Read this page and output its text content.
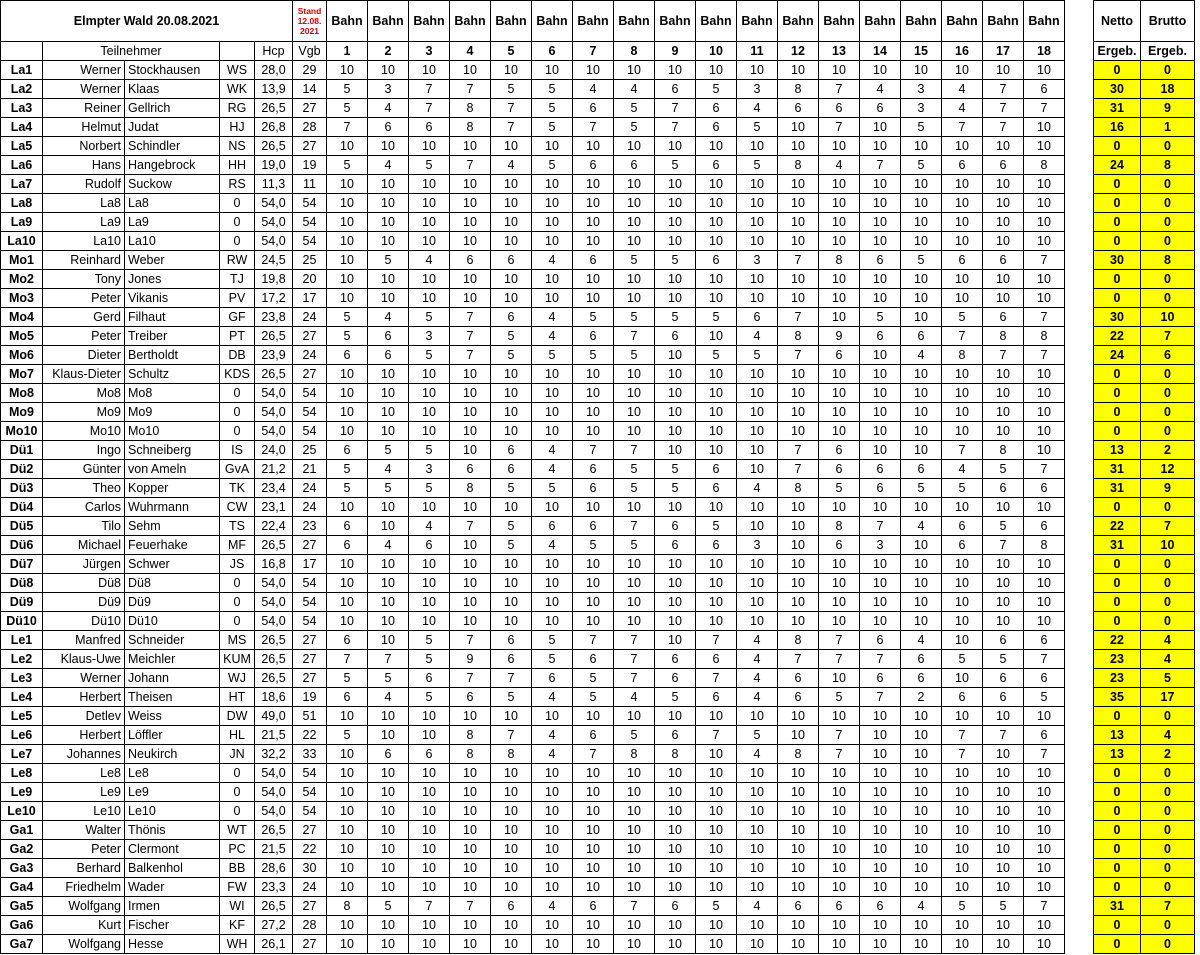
Elmpter Wald 20.08.2021					Stand 12.08. 2021	Bahn	Bahn	Bahn	Bahn	Bahn	Bahn	Bahn	Bahn	Bahn	Bahn	Bahn	Bahn	Bahn	Bahn	Bahn	Bahn	Bahn	Bahn		Netto	Brutto
	Teilnehmer			Hcp	Vgb	1	2	3	4	5	6	7	8	9	10	11	12	13	14	15	16	17	18		Ergeb.	Ergeb.
La1	Werner	Stockhausen	WS	28,0	29	10	10	10	10	10	10	10	10	10	10	10	10	10	10	10	10	10	10		0	0
La2	Werner	Klaas	WK	13,9	14	5	3	7	7	5	5	4	4	6	5	3	8	7	4	3	4	7	6		30	18
La3	Reiner	Gellrich	RG	26,5	27	5	4	7	8	7	5	6	5	7	6	4	6	6	6	3	4	7	7		31	9
La4	Helmut	Judat	HJ	26,8	28	7	6	6	8	7	5	7	5	7	6	5	10	7	10	5	7	7	10		16	1
La5	Norbert	Schindler	NS	26,5	27	10	10	10	10	10	10	10	10	10	10	10	10	10	10	10	10	10	10		0	0
La6	Hans	Hangebrock	HH	19,0	19	5	4	5	7	4	5	6	6	5	6	5	8	4	7	5	6	6	8		24	8
La7	Rudolf	Suckow	RS	11,3	11	10	10	10	10	10	10	10	10	10	10	10	10	10	10	10	10	10	10		0	0
La8	La8	La8	0	54,0	54	10	10	10	10	10	10	10	10	10	10	10	10	10	10	10	10	10	10		0	0
La9	La9	La9	0	54,0	54	10	10	10	10	10	10	10	10	10	10	10	10	10	10	10	10	10	10		0	0
La10	La10	La10	0	54,0	54	10	10	10	10	10	10	10	10	10	10	10	10	10	10	10	10	10	10		0	0
Mo1	Reinhard	Weber	RW	24,5	25	10	5	4	6	6	4	6	5	5	6	3	7	8	6	5	6	6	7		30	8
Mo2	Tony	Jones	TJ	19,8	20	10	10	10	10	10	10	10	10	10	10	10	10	10	10	10	10	10	10		0	0
Mo3	Peter	Vikanis	PV	17,2	17	10	10	10	10	10	10	10	10	10	10	10	10	10	10	10	10	10	10		0	0
Mo4	Gerd	Filhaut	GF	23,8	24	5	4	5	7	6	4	5	5	5	5	6	7	10	5	10	5	6	7		30	10
Mo5	Peter	Treiber	PT	26,5	27	5	6	3	7	5	4	6	7	6	10	4	8	9	6	6	7	8	8		22	7
Mo6	Dieter	Bertholdt	DB	23,9	24	6	6	5	7	5	5	5	5	10	5	5	7	6	10	4	8	7	7		24	6
Mo7	Klaus-Dieter	Schultz	KDS	26,5	27	10	10	10	10	10	10	10	10	10	10	10	10	10	10	10	10	10	10		0	0
Mo8	Mo8	Mo8	0	54,0	54	10	10	10	10	10	10	10	10	10	10	10	10	10	10	10	10	10	10		0	0
Mo9	Mo9	Mo9	0	54,0	54	10	10	10	10	10	10	10	10	10	10	10	10	10	10	10	10	10	10		0	0
Mo10	Mo10	Mo10	0	54,0	54	10	10	10	10	10	10	10	10	10	10	10	10	10	10	10	10	10	10		0	0
Dü1	Ingo	Schneiberg	IS	24,0	25	6	5	5	10	6	4	7	7	10	10	10	7	6	10	10	7	8	10		13	2
Dü2	Günter	von Ameln	GvA	21,2	21	5	4	3	6	6	4	6	5	5	6	10	7	6	6	6	4	5	7		31	12
Dü3	Theo	Kopper	TK	23,4	24	5	5	5	8	5	5	6	5	5	6	4	8	5	6	5	5	6	6		31	9
Dü4	Carlos	Wuhrmann	CW	23,1	24	10	10	10	10	10	10	10	10	10	10	10	10	10	10	10	10	10	10		0	0
Dü5	Tilo	Sehm	TS	22,4	23	6	10	4	7	5	6	6	7	6	5	10	10	8	7	4	6	5	6		22	7
Dü6	Michael	Feuerhake	MF	26,5	27	6	4	6	10	5	4	5	5	6	6	3	10	6	3	10	6	7	8		31	10
Dü7	Jürgen	Schwer	JS	16,8	17	10	10	10	10	10	10	10	10	10	10	10	10	10	10	10	10	10	10		0	0
Dü8	Dü8	Dü8	0	54,0	54	10	10	10	10	10	10	10	10	10	10	10	10	10	10	10	10	10	10		0	0
Dü9	Dü9	Dü9	0	54,0	54	10	10	10	10	10	10	10	10	10	10	10	10	10	10	10	10	10	10		0	0
Dü10	Dü10	Dü10	0	54,0	54	10	10	10	10	10	10	10	10	10	10	10	10	10	10	10	10	10	10		0	0
Le1	Manfred	Schneider	MS	26,5	27	6	10	5	7	6	5	7	7	10	7	4	8	7	6	4	10	6	6		22	4
Le2	Klaus-Uwe	Meichler	KUM	26,5	27	7	7	5	9	6	5	6	7	6	6	4	7	7	7	6	5	5	7		23	4
Le3	Werner	Johann	WJ	26,5	27	5	5	6	7	7	6	5	7	6	7	4	6	10	6	6	10	6	6		23	5
Le4	Herbert	Theisen	HT	18,6	19	6	4	5	6	5	4	5	4	5	6	4	6	5	7	2	6	6	5		35	17
Le5	Detlev	Weiss	DW	49,0	51	10	10	10	10	10	10	10	10	10	10	10	10	10	10	10	10	10	10		0	0
Le6	Herbert	Löffler	HL	21,5	22	5	10	10	8	7	4	6	5	6	7	5	10	7	10	10	7	7	6		13	4
Le7	Johannes	Neukirch	JN	32,2	33	10	6	6	8	8	4	7	8	8	10	4	8	7	10	10	7	10	7		13	2
Le8	Le8	Le8	0	54,0	54	10	10	10	10	10	10	10	10	10	10	10	10	10	10	10	10	10	10		0	0
Le9	Le9	Le9	0	54,0	54	10	10	10	10	10	10	10	10	10	10	10	10	10	10	10	10	10	10		0	0
Le10	Le10	Le10	0	54,0	54	10	10	10	10	10	10	10	10	10	10	10	10	10	10	10	10	10	10		0	0
Ga1	Walter	Thönis	WT	26,5	27	10	10	10	10	10	10	10	10	10	10	10	10	10	10	10	10	10	10		0	0
Ga2	Peter	Clermont	PC	21,5	22	10	10	10	10	10	10	10	10	10	10	10	10	10	10	10	10	10	10		0	0
Ga3	Berhard	Balkenhol	BB	28,6	30	10	10	10	10	10	10	10	10	10	10	10	10	10	10	10	10	10	10		0	0
Ga4	Friedhelm	Wader	FW	23,3	24	10	10	10	10	10	10	10	10	10	10	10	10	10	10	10	10	10	10		0	0
Ga5	Wolfgang	Irmen	WI	26,5	27	8	5	7	7	6	4	6	7	6	5	4	6	6	6	4	5	5	7		31	7
Ga6	Kurt	Fischer	KF	27,2	28	10	10	10	10	10	10	10	10	10	10	10	10	10	10	10	10	10	10		0	0
Ga7	Wolfgang	Hesse	WH	26,1	27	10	10	10	10	10	10	10	10	10	10	10	10	10	10	10	10	10	10		0	0
